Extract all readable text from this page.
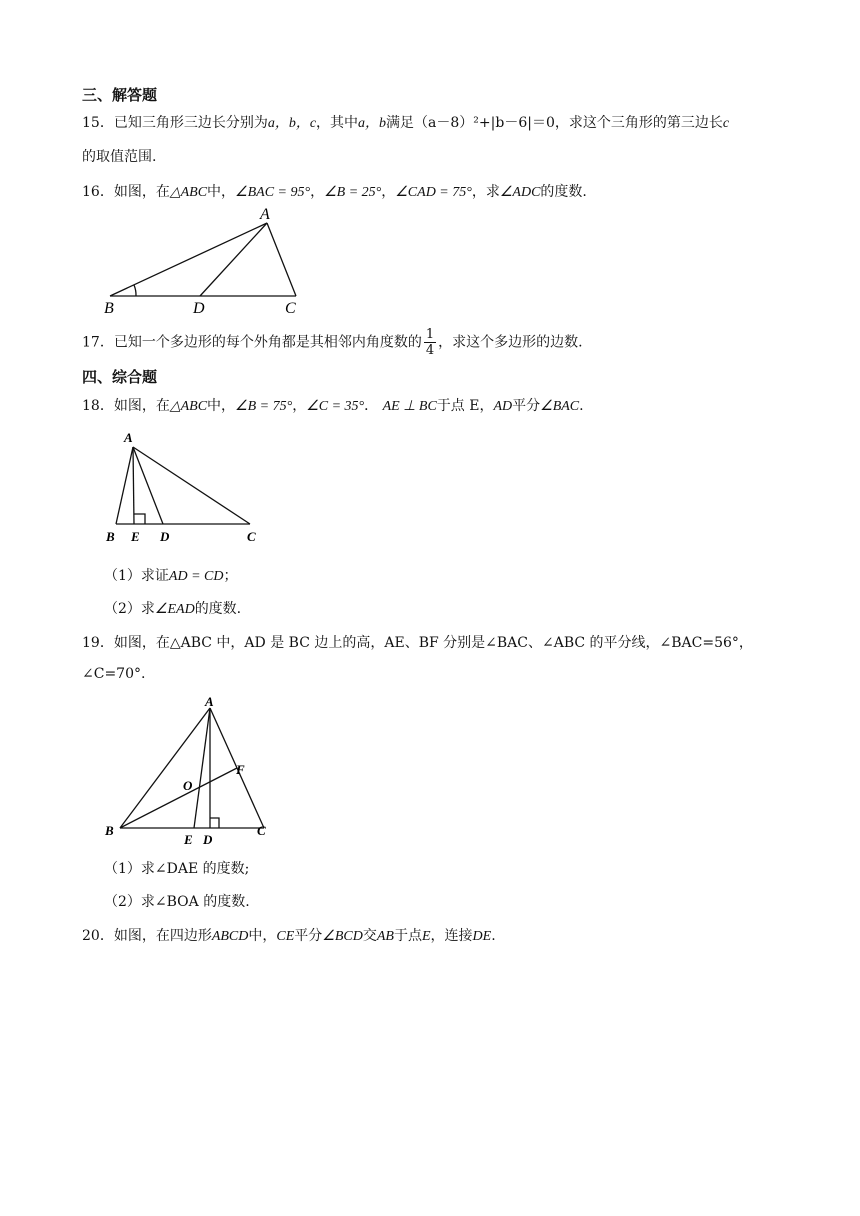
三、解答题
15．已知三角形三边长分别为a，b，c，其中a，b满足（a－8）²+|b－6|＝0，求这个三角形的第三边长c
的取值范围.
16．如图，在△ABC中，∠BAC = 95°，∠B = 25°，∠CAD = 75°，求∠ADC的度数.
A
B	D	C
A
B E D	C
A
B	C
D
E
F
O
17．已知一个多边形的每个外角都是其相邻内角度数的 $\frac{1}{4}$ ，求这个多边形的边数.
四、综合题
18．如图，在△ABC中，∠B = 75°，∠C = 35°． AE ⊥ BC于点 E，AD平分∠BAC.
（1）求证AD = CD；
（2）求∠EAD的度数.
19．如图，在△ABC 中，AD 是 BC 边上的高，AE、BF 分别是∠BAC、∠ABC 的平分线，∠BAC=56°，
∠C=70°.
（1）求∠DAE 的度数;
（2）求∠BOA 的度数.
20．如图，在四边形ABCD中，CE平分∠BCD交AB于点E，连接DE.
